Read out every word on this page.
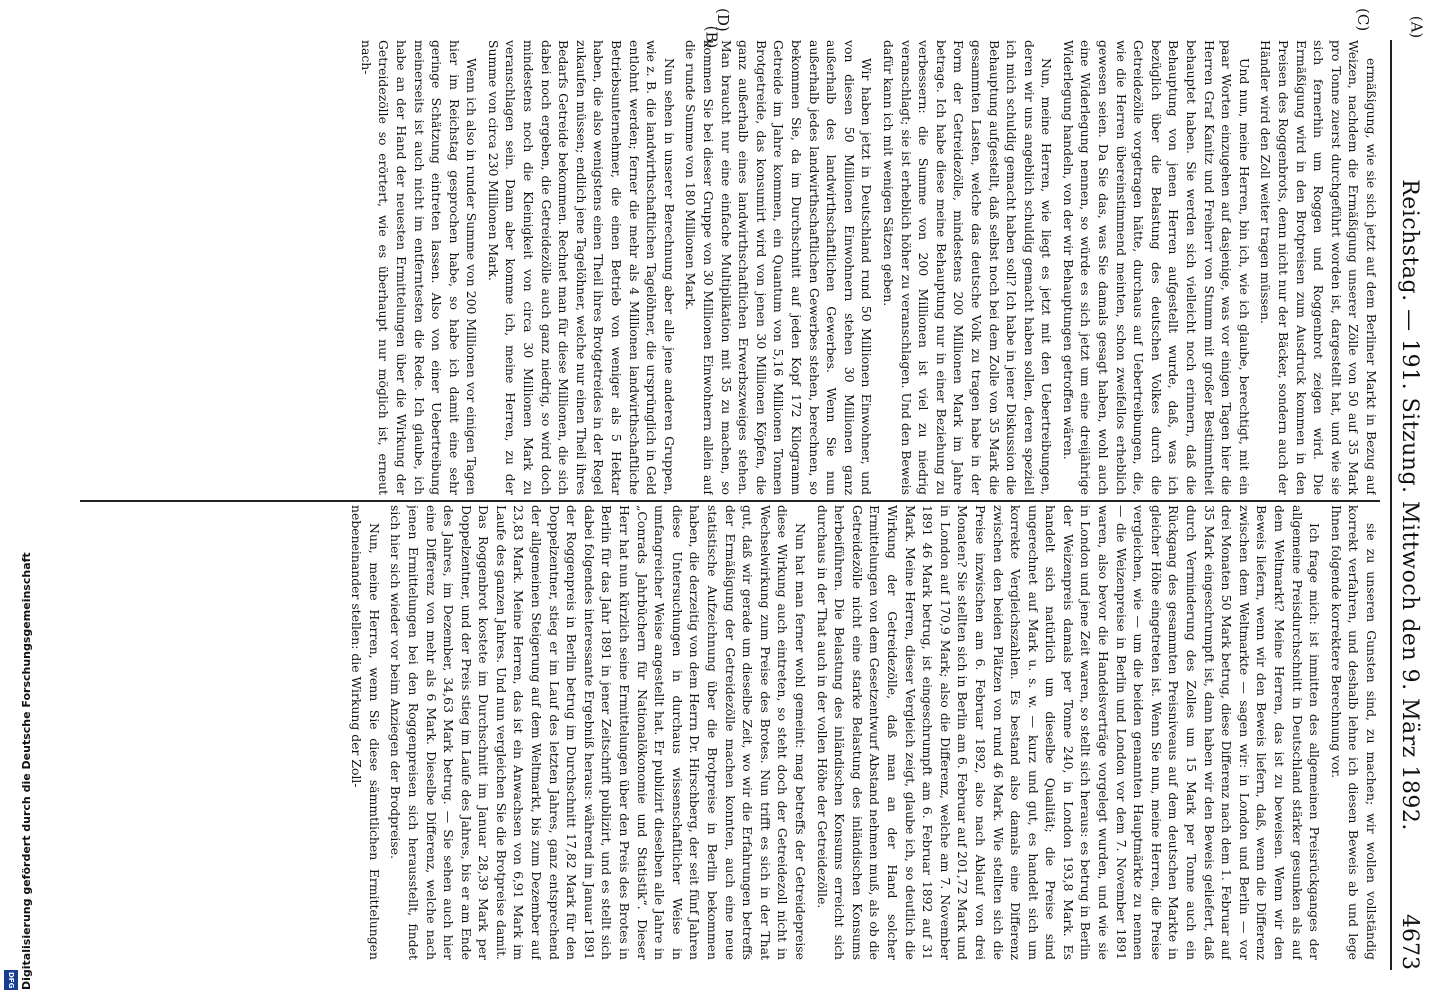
Reichstag. — 191. Sitzung. Mittwoch den 9. März 1892.
4673

ermäßigung, wie sie sich jetzt auf dem Berliner Markt in Bezug auf Weizen, nachdem die Ermäßigung unserer Zölle von 50 auf 35 Mark pro Tonne zuerst durchgeführt worden ist, dargestellt hat, und wie sie sich fernerhin um Roggen und Roggenbrot zeigen wird. Die Ermäßigung wird in den Brotpreisen zum Ausdruck kommen in den Preisen des Roggenbrots, denn nicht nur der Bäcker, sondern auch der Händler wird den Zoll weiter tragen müssen.

Und nun, meine Herren, bin ich, wie ich glaube, berechtigt, mit ein paar Worten einzugehen auf dasjenige, was vor einigen Tagen hier die Herren Graf Kanitz und Freiherr von Stumm mit großer Bestimmtheit behauptet haben. Sie werden sich vielleicht noch erinnern, daß die Behauptung von jenen Herren aufgestellt wurde, daß, was ich bezüglich über die Belastung des deutschen Volkes durch die Getreidezölle vorgetragen hätte, durchaus auf Uebertreibungen, die, wie die Herren übereinstimmend meinten, schon zweifellos erheblich gewesen seien. Da Sie das, was Sie damals gesagt haben, wohl auch eine Widerlegung nennen, so würde es sich jetzt um eine dreijährige Widerlegung handeln, von der wir Behauptungen getroffen wären.

Nun, meine Herren, wie liegt es jetzt mit den Uebertreibungen, deren wir uns angeblich schuldig gemacht haben sollen, deren speziell ich mich schuldig gemacht haben soll? Ich habe in jener Diskussion die Behauptung aufgestellt, daß selbst noch bei dem Zolle von 35 Mark die gesammten Lasten, welche das deutsche Volk zu tragen habe in der Form der Getreidezölle, mindestens 200 Millionen Mark im Jahre betrage. Ich habe diese meine Behauptung nur in einer Beziehung zu verbessern: die Summe von 200 Millionen ist viel zu niedrig veranschlagt; sie ist erheblich höher zu veranschlagen. Und den Beweis dafür kann ich mit wenigen Sätzen geben.

Wir haben jetzt in Deutschland rund 50 Millionen Einwohner, und von diesen 50 Millionen Einwohnern stehen 30 Millionen ganz außerhalb des landwirthschaftlichen Gewerbes. Wenn Sie nun außerhalb jedes landwirthschaftlichen Gewerbes stehen, berechnen, so bekommen Sie, da im Durchschnitt auf jeden Kopf 172 Kilogramm Getreide im Jahre kommen, ein Quantum von 5,16 Millionen Tonnen Brotgetreide, das konsumirt wird von jenen 30 Millionen Köpfen, die ganz außerhalb eines landwirthschaftlichen Erwerbszweiges stehen. Man braucht nur eine einfache Multiplikation mit 35 zu machen, so kommen Sie bei dieser Gruppe von 30 Millionen Einwohnern allein auf die runde Summe von 180 Millionen Mark.

Nun sehen in unserer Berechnung aber alle jene anderen Gruppen, wie z. B. die landwirthschaftlichen Tagelöhner, die ursprünglich in Geld entlohnt werden; ferner die mehr als 4 Millionen landwirthschaftliche Betriebsunternehmer, die einen Betrieb von weniger als 5 Hektar haben, die also wenigstens einen Theil ihres Brotgetreides in der Regel zukaufen müssen; endlich jene Tagelöhner, welche nur einen Theil ihres Bedarfs Getreide bekommen. Rechnet man für diese Millionen, die sich dabei noch ergeben, die Getreidezölle auch ganz niedrig, so wird doch mindestens noch die Kleinigkeit von circa 30 Millionen Mark zu veranschlagen sein. Dann aber komme ich, meine Herren, zu der Summe von circa 230 Millionen Mark.

Wenn ich also in runder Summe von 200 Millionen vor einigen Tagen hier im Reichstag gesprochen habe, so habe ich damit eine sehr geringe Schätzung eintreten lassen. Also von einer Uebertreibung meinerseits ist auch nicht im entferntesten die Rede. Ich glaube, ich habe an der Hand der neuesten Ermittelungen über die Wirkung der Getreidezölle so erörtert, wie es überhaupt nur möglich ist, erneut nach-

sie zu unseren Gunsten sind, zu machen; wir wollen vollständig korrekt verfahren, und deshalb lehne ich diesen Beweis ab und lege Ihnen folgende korrektere Berechnung vor.

Ich frage mich: ist inmitten des allgemeinen Preisrückganges der allgemeine Preisdurchschnitt in Deutschland stärker gesunken als auf dem Weltmarkt? Meine Herren, das ist zu beweisen. Wenn wir den Beweis liefern, wenn wir den Beweis liefern, daß, wenn die Differenz zwischen dem Weltmarkte — sagen wir: in London und Berlin — vor drei Monaten 50 Mark betrug, diese Differenz nach dem 1. Februar auf 35 Mark eingeschrumpft ist, dann haben wir den Beweis geliefert, daß durch Verminderung des Zolles um 15 Mark per Tonne auch ein Rückgang des gesammten Preisniveaus auf dem deutschen Markte in gleicher Höhe eingetreten ist. Wenn Sie nun, meine Herren, die Preise vergleichen, wie — um die beiden genannten Hauptmärkte zu nennen — die Weizenpreise in Berlin und London vor dem 7. November 1891 waren, also bevor die Handelsverträge vorgelegt wurden, und wie sie in London und jene Zeit waren, so stellt sich heraus: es betrug in Berlin der Weizenpreis damals per Tonne 240, in London 193,8 Mark. Es handelt sich natürlich um dieselbe Qualität; die Preise sind ungerechnet auf Mark u. s. w. — kurz und gut, es handelt sich um korrekte Vergleichszahlen. Es bestand also damals eine Differenz zwischen den beiden Plätzen von rund 46 Mark. Wie stellten sich die Preise inzwischen am 6. Februar 1892, also nach Ablauf von drei Monaten? Sie stellten sich in Berlin am 6. Februar auf 201,72 Mark und in London auf 170,9 Mark; also die Differenz, welche am 7. November 1891 46 Mark betrug, ist eingeschrumpft am 6. Februar 1892 auf 31 Mark. Meine Herren, dieser Vergleich zeigt, glaube ich, so deutlich die Wirkung der Getreidezölle, daß man an der Hand solcher Ermittelungen von dem Gesetzentwurf Abstand nehmen muß, als ob die Getreidezölle nicht eine starke Belastung des inländischen Konsums herbeiführen. Die Belastung des inländischen Konsums erreicht sich durchaus in der That auch in der vollen Höhe der Getreidezölle.

Nun hat man ferner wohl gemeint: mag betreffs der Getreidepreise diese Wirkung auch eintreten, so steht doch der Getreidezoll nicht in Wechselwirkung zum Preise des Brotes. Nun trifft es sich in der That gut, daß wir gerade um dieselbe Zeit, wo wir die Erfahrungen betreffs der Ermäßigung der Getreidezölle machen konnten, auch eine neue statistische Aufzeichnung über die Brotpreise in Berlin bekommen haben, die derzeitig von dem Herrn Dr. Hirschberg, der seit fünf Jahren diese Untersuchungen in durchaus wissenschaftlicher Weise in umfangreicher Weise angestellt hat. Er publizirt dieselben alle Jahre in „Conrads Jahrbüchern für Nationalökonomie und Statistik“. Dieser Herr hat nun kürzlich seine Ermittelungen über den Preis des Brotes in Berlin für das Jahr 1891 in jener Zeitschrift publizirt, und es stellt sich dabei folgendes interessante Ergebniß heraus: während im Januar 1891 der Roggenpreis in Berlin betrug im Durchschnitt 17,82 Mark für den Doppelzentner, stieg er im Lauf des letzten Jahres, ganz entsprechend der allgemeinen Steigerung auf dem Weltmarkt, bis zum Dezember auf 23,83 Mark. Meine Herren, das ist ein Anwachsen von 6,91 Mark im Laufe des ganzen Jahres. Und nun vergleichen Sie die Brotpreise damit. Das Roggenbrot kostete im Durchschnitt im Januar 28,39 Mark per Doppelzentner, und der Preis stieg im Laufe des Jahres, bis er am Ende des Jahres, im Dezember, 34,63 Mark betrug. — Sie sehen auch hier eine Differenz von mehr als 6 Mark. Dieselbe Differenz, welche nach jenen Ermittelungen bei den Roggenpreisen sich herausstellt, findet sich hier sich wieder vor beim Anziegen der Brodpreise.

Nun, meine Herren, wenn Sie diese sämmtlichen Ermittelungen nebeneinander stellen: die Wirkung der Zoll-

(C)
(D)	(A)
(B)
Digitalisierung gefördert durch die Deutsche Forschungsgemeinschaft
DFG
